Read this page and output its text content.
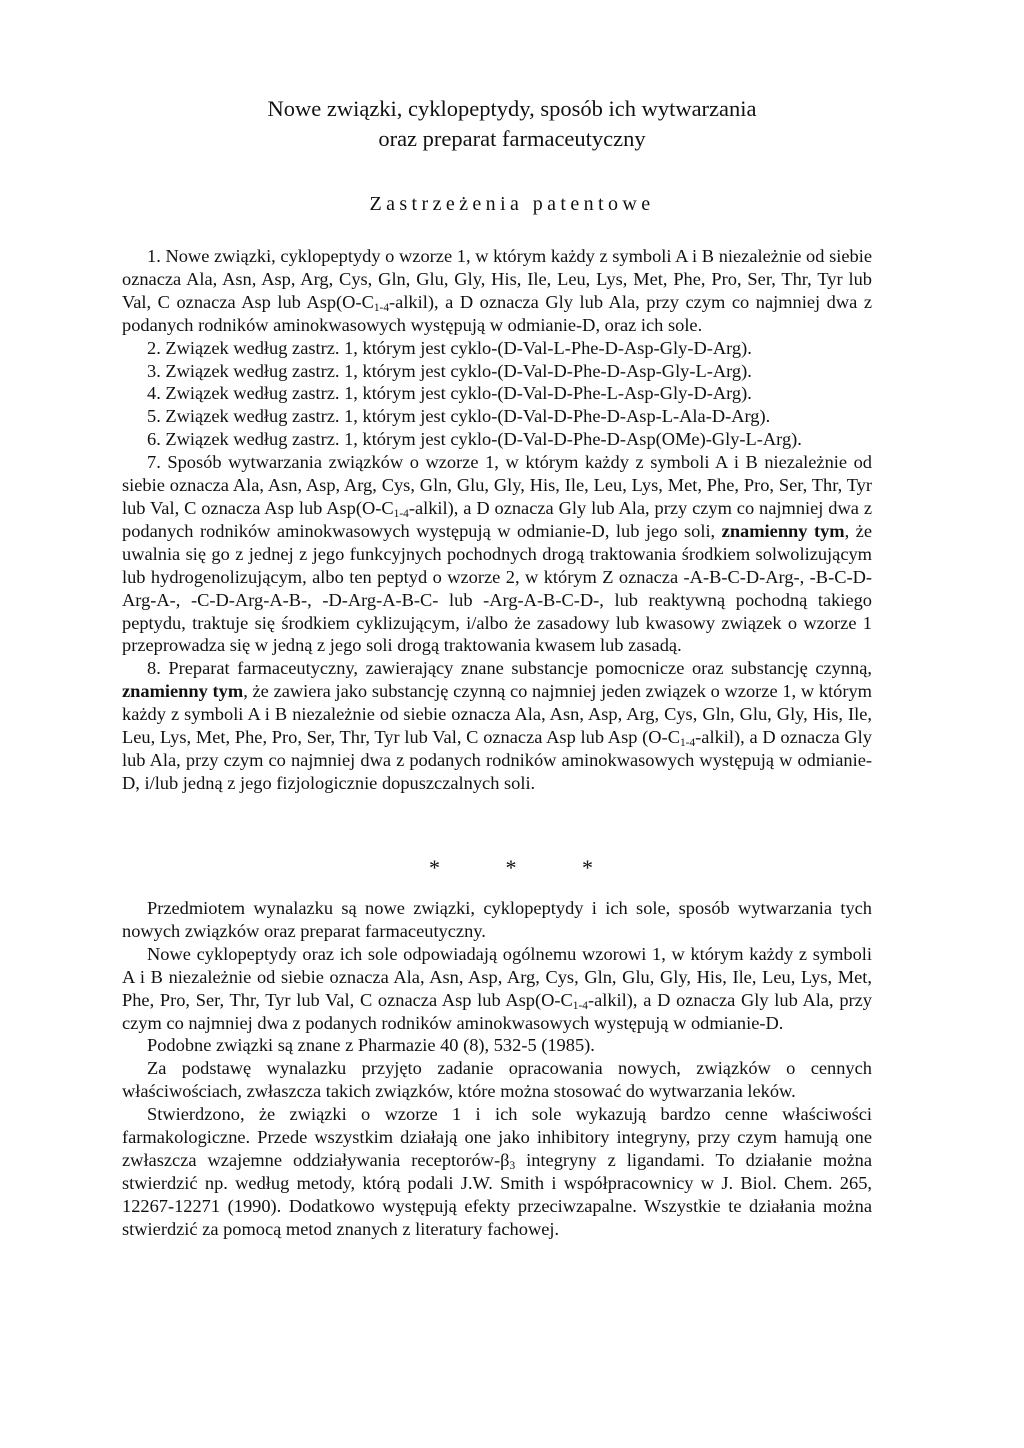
Nowe związki, cyklopeptydy, sposób ich wytwarzania
oraz preparat farmaceutyczny
Zastrzeżenia patentowe

1. Nowe związki, cyklopeptydy o wzorze 1, w którym każdy z symboli A i B niezależnie od siebie oznacza Ala, Asn, Asp, Arg, Cys, Gln, Glu, Gly, His, Ile, Leu, Lys, Met, Phe, Pro, Ser, Thr, Tyr lub Val, C oznacza Asp lub $Asp(O-C_{1-4}-alkil)$, a D oznacza Gly lub Ala, przy czym co najmniej dwa z podanych rodników aminokwasowych występują w odmianie-D, oraz ich sole.

2. Związek według zastrz. 1, którym jest cyklo-(D-Val-L-Phe-D-Asp-Gly-D-Arg).

3. Związek według zastrz. 1, którym jest cyklo-(D-Val-D-Phe-D-Asp-Gly-L-Arg).

4. Związek według zastrz. 1, którym jest cyklo-(D-Val-D-Phe-L-Asp-Gly-D-Arg).

5. Związek według zastrz. 1, którym jest cyklo-(D-Val-D-Phe-D-Asp-L-Ala-D-Arg).

6. Związek według zastrz. 1, którym jest cyklo-(D-Val-D-Phe-D-Asp(OMe)-Gly-L-Arg).

7. Sposób wytwarzania związków o wzorze 1, w którym każdy z symboli A i B niezależnie od siebie oznacza Ala, Asn, Asp, Arg, Cys, Gln, Glu, Gly, His, Ile, Leu, Lys, Met, Phe, Pro, Ser, Thr, Tyr lub Val, C oznacza Asp lub $Asp(O-C_{1-4}-alkil)$, a D oznacza Gly lub Ala, przy czym co najmniej dwa z podanych rodników aminokwasowych występują w odmianie-D, lub jego soli, znamienny tym, że uwalnia się go z jednej z jego funkcyjnych pochodnych drogą traktowania środkiem solwolizującym lub hydrogenolizującym, albo ten peptyd o wzorze 2, w którym Z oznacza -A-B-C-D-Arg-, -B-C-D-Arg-A-, -C-D-Arg-A-B-, -D-Arg-A-B-C- lub -Arg-A-B-C-D-, lub reaktywną pochodną takiego peptydu, traktuje się środkiem cyklizującym, i/albo że zasadowy lub kwasowy związek o wzorze 1 przeprowadza się w jedną z jego soli drogą traktowania kwasem lub zasadą.

8. Preparat farmaceutyczny, zawierający znane substancje pomocnicze oraz substancję czynną, znamienny tym, że zawiera jako substancję czynną co najmniej jeden związek o wzorze 1, w którym każdy z symboli A i B niezależnie od siebie oznacza Ala, Asn, Asp, Arg, Cys, Gln, Glu, Gly, His, Ile, Leu, Lys, Met, Phe, Pro, Ser, Thr, Tyr lub Val, C oznacza Asp lub Asp $(O-C_{1-4}-alkil)$, a D oznacza Gly lub Ala, przy czym co najmniej dwa z podanych rodników aminokwasowych występują w odmianie-D, i/lub jedną z jego fizjologicznie dopuszczalnych soli.

* * *

Przedmiotem wynalazku są nowe związki, cyklopeptydy i ich sole, sposób wytwarzania tych nowych związków oraz preparat farmaceutyczny.

Nowe cyklopeptydy oraz ich sole odpowiadają ogólnemu wzorowi 1, w którym każdy z symboli A i B niezależnie od siebie oznacza Ala, Asn, Asp, Arg, Cys, Gln, Glu, Gly, His, Ile, Leu, Lys, Met, Phe, Pro, Ser, Thr, Tyr lub Val, C oznacza Asp lub $Asp(O-C_{1-4}-alkil)$, a D oznacza Gly lub Ala, przy czym co najmniej dwa z podanych rodników aminokwasowych występują w odmianie-D.

Podobne związki są znane z Pharmazie 40 (8), 532-5 (1985).

Za podstawę wynalazku przyjęto zadanie opracowania nowych, związków o cennych właściwościach, zwłaszcza takich związków, które można stosować do wytwarzania leków.

Stwierdzono, że związki o wzorze 1 i ich sole wykazują bardzo cenne właściwości farmakologiczne. Przede wszystkim działają one jako inhibitory integryny, przy czym hamują one zwłaszcza wzajemne oddziaływania receptorów-$\beta_3$ integryny z ligandami. To działanie można stwierdzić np. według metody, którą podali J.W. Smith i współpracownicy w J. Biol. Chem. 265, 12267-12271 (1990). Dodatkowo występują efekty przeciwzapalne. Wszystkie te działania można stwierdzić za pomocą metod znanych z literatury fachowej.
